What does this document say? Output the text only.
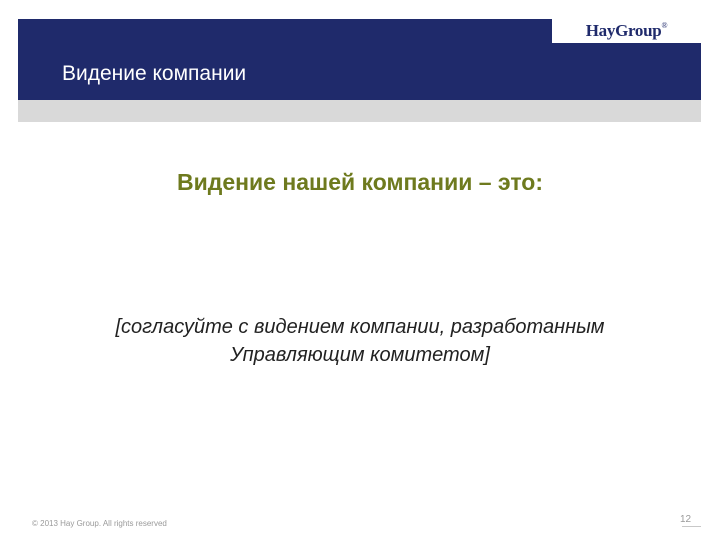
Видение компании
HayGroup®
Видение нашей компании – это:
[согласуйте с видением компании, разработанным
Управляющим комитетом]
© 2013 Hay Group. All rights reserved	12
